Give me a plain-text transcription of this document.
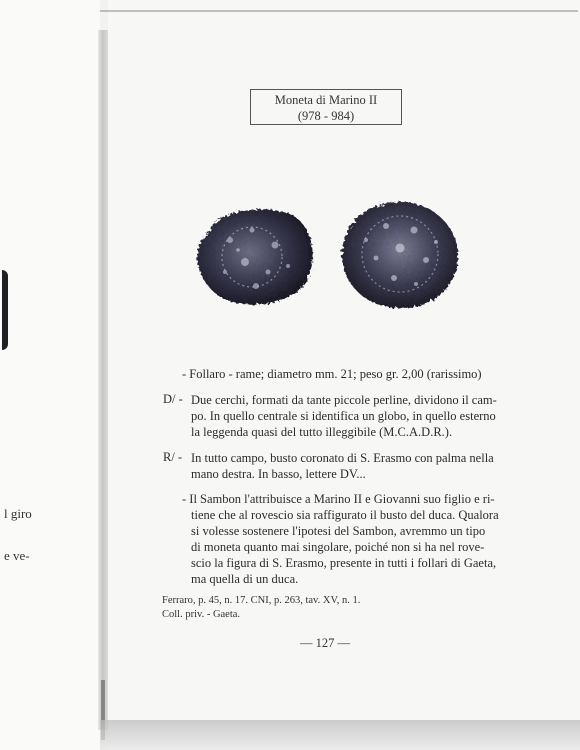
l giro
e ve-
Moneta di Marino II
(978 - 984)
- Follaro - rame; diametro mm. 21; peso gr. 2,00 (rarissimo)
D/ - Due cerchi, formati da tante piccole perline, dividono il cam-
po. In quello centrale si identifica un globo, in quello esterno
la leggenda quasi del tutto illeggibile (M.C.A.D.R.).
R/ - In tutto campo, busto coronato di S. Erasmo con palma nella
mano destra. In basso, lettere DV...
- Il Sambon l'attribuisce a Marino II e Giovanni suo figlio e ri-
tiene che al rovescio sia raffigurato il busto del duca. Qualora
si volesse sostenere l'ipotesi del Sambon, avremmo un tipo
di moneta quanto mai singolare, poiché non si ha nel rove-
scio la figura di S. Erasmo, presente in tutti i follari di Gaeta,
ma quella di un duca.
Ferraro, p. 45, n. 17. CNI, p. 263, tav. XV, n. 1.
Coll. priv. - Gaeta.
— 127 —
